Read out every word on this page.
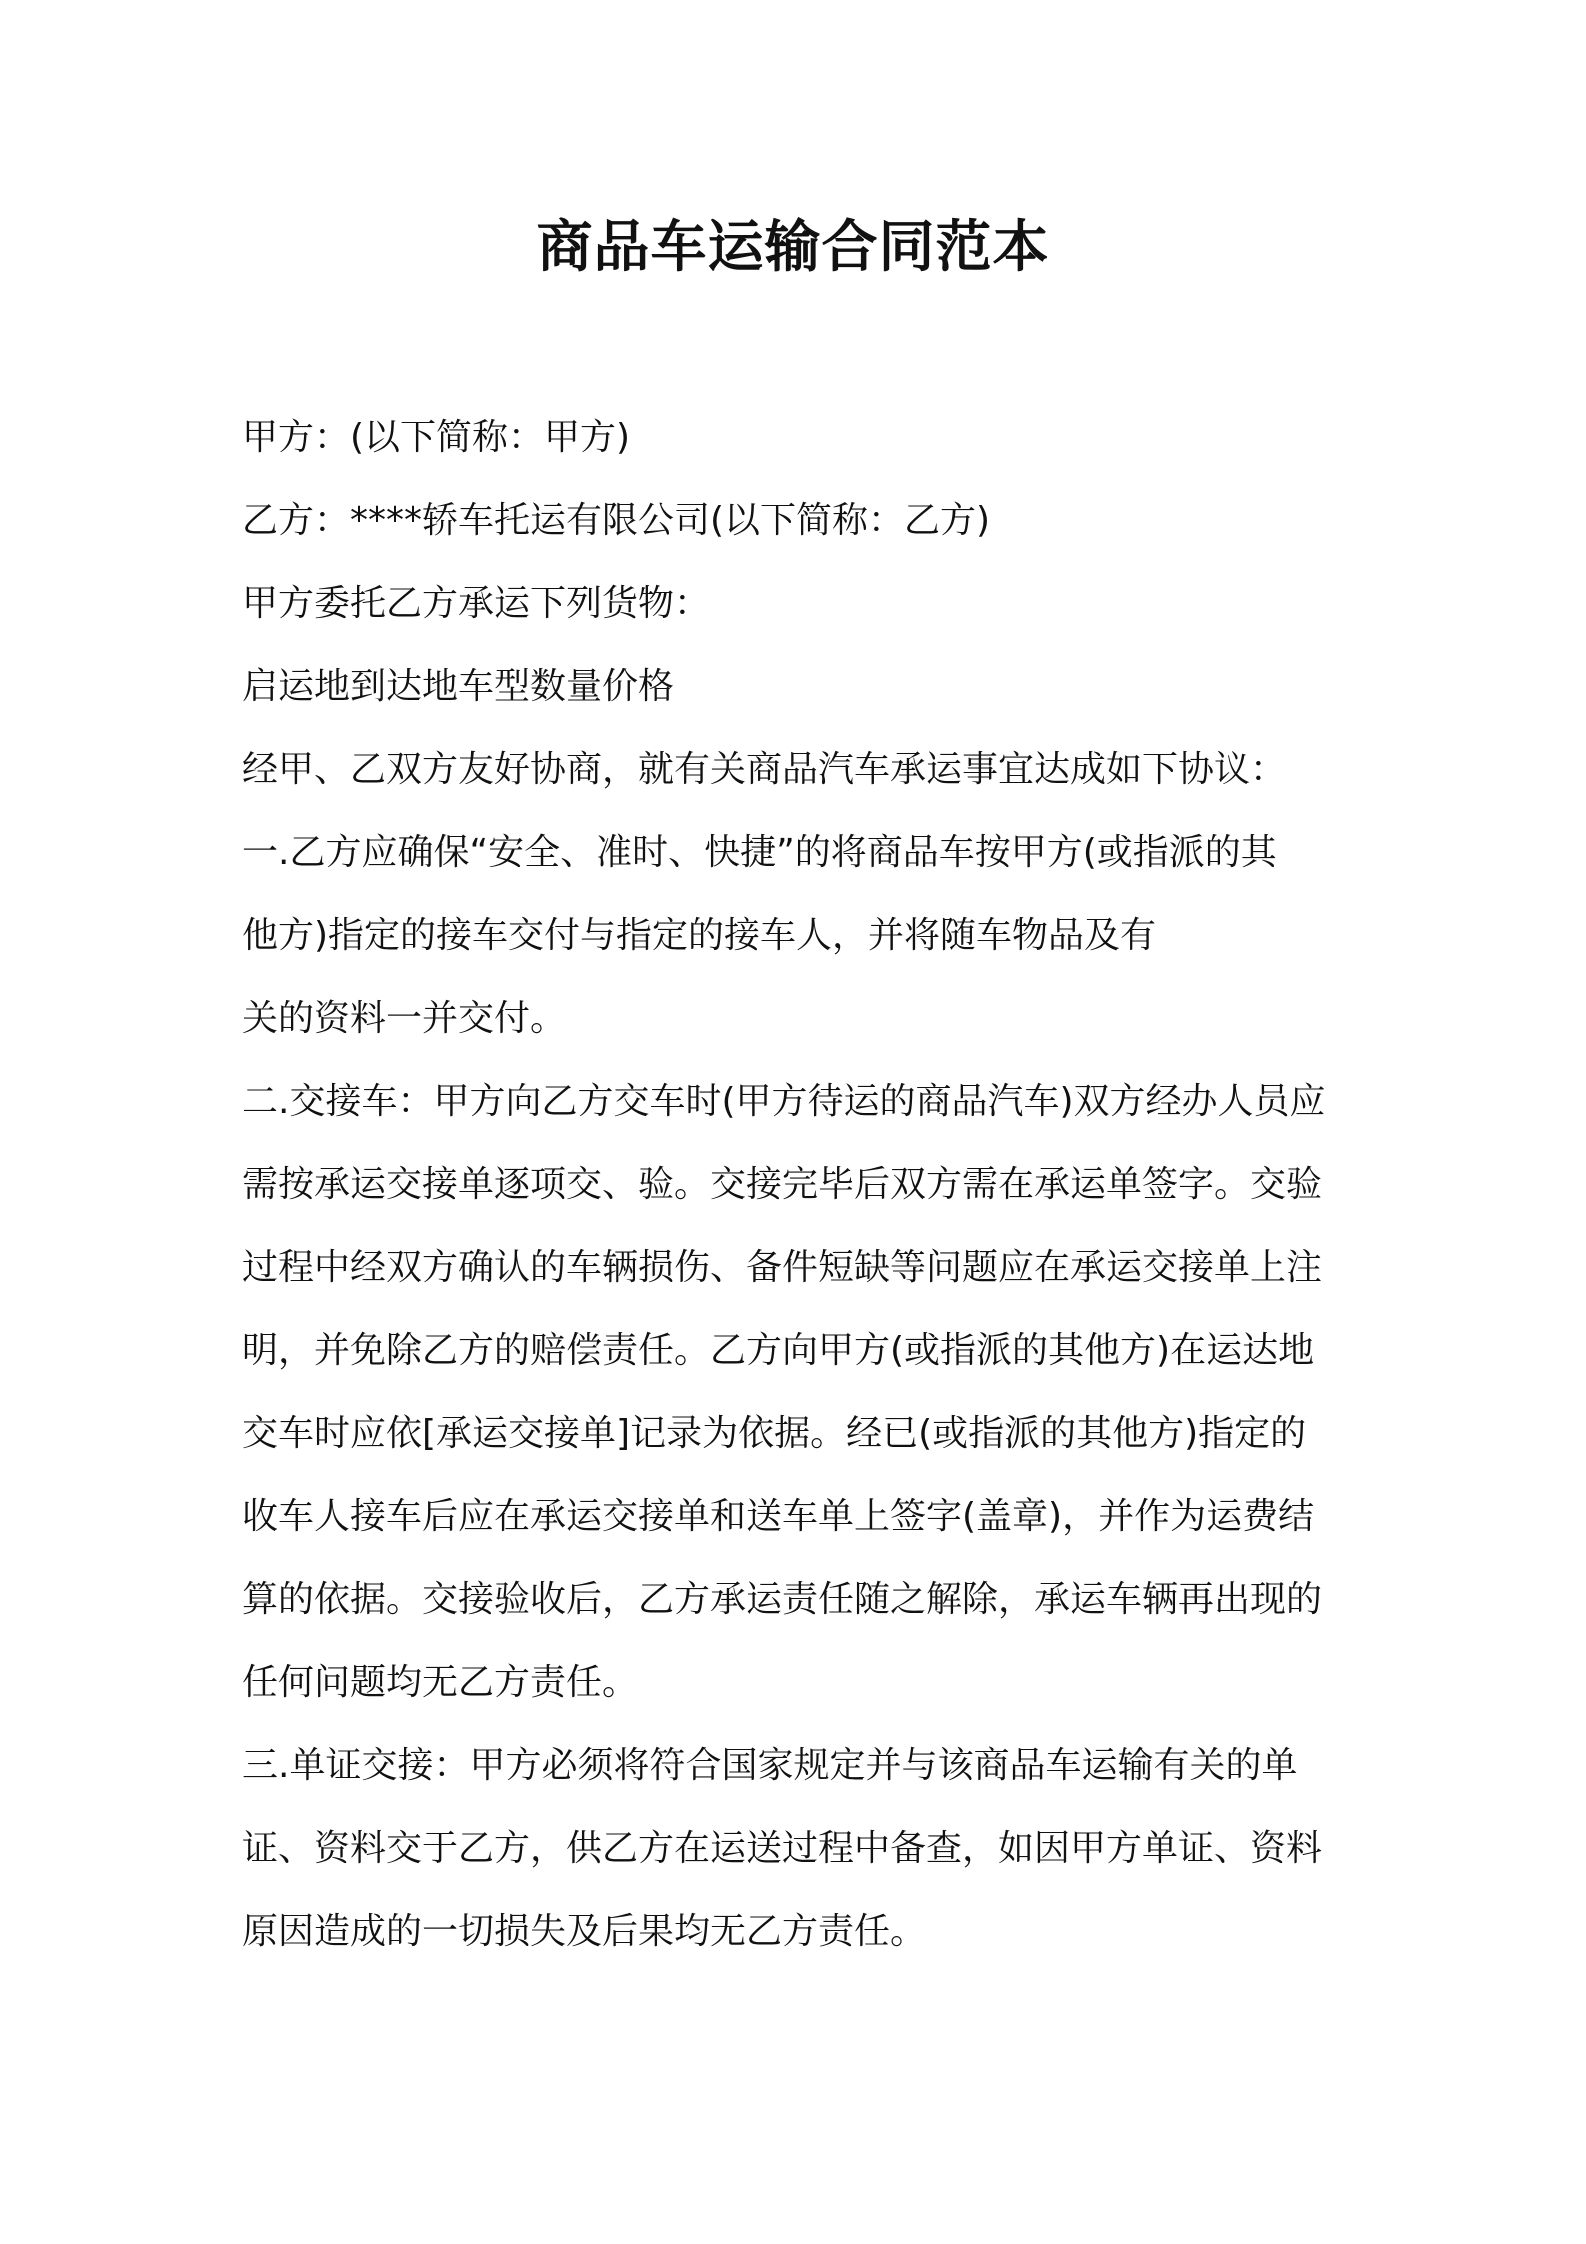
商品车运输合同范本

甲方：(以下简称：甲方)

乙方：****轿车托运有限公司(以下简称：乙方)

甲方委托乙方承运下列货物：

启运地到达地车型数量价格

经甲、乙双方友好协商，就有关商品汽车承运事宜达成如下协议：

一.乙方应确保“安全、准时、快捷”的将商品车按甲方(或指派的其

他方)指定的接车交付与指定的接车人，并将随车物品及有

关的资料一并交付。

二.交接车：甲方向乙方交车时(甲方待运的商品汽车)双方经办人员应

需按承运交接单逐项交、验。交接完毕后双方需在承运单签字。交验

过程中经双方确认的车辆损伤、备件短缺等问题应在承运交接单上注

明，并免除乙方的赔偿责任。乙方向甲方(或指派的其他方)在运达地

交车时应依[承运交接单]记录为依据。经已(或指派的其他方)指定的

收车人接车后应在承运交接单和送车单上签字(盖章)，并作为运费结

算的依据。交接验收后，乙方承运责任随之解除，承运车辆再出现的

任何问题均无乙方责任。

三.单证交接：甲方必须将符合国家规定并与该商品车运输有关的单

证、资料交于乙方，供乙方在运送过程中备查，如因甲方单证、资料

原因造成的一切损失及后果均无乙方责任。
